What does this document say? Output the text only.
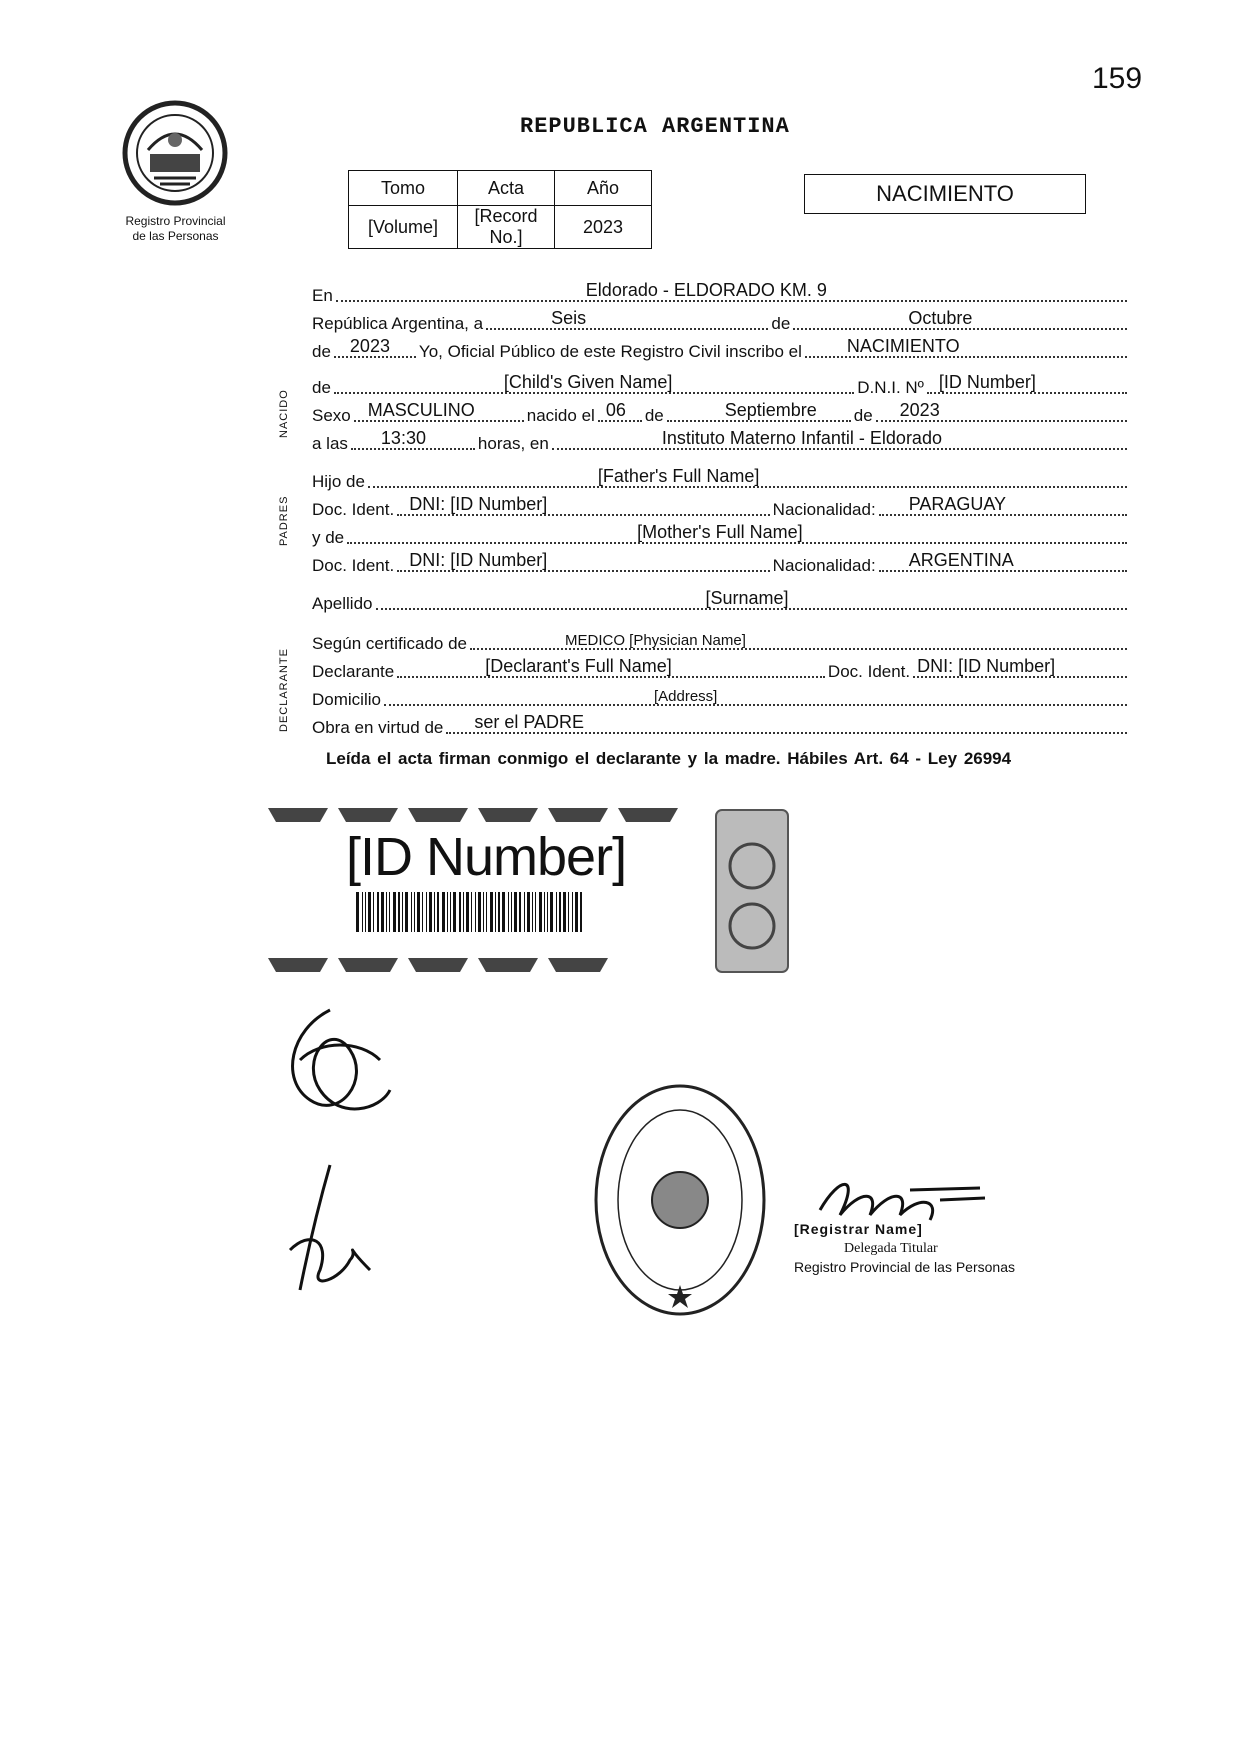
159
Registro Provincial
de las Personas
REPUBLICA ARGENTINA
Tomo	Acta	Año
[Volume]	[Record No.]	2023
NACIMIENTO
NACIDO
PADRES
DECLARANTE
En	Eldorado - ELDORADO KM. 9
República Argentina, a	Seis	de	Octubre
de 2023 Yo, Oficial Público de este Registro Civil inscribo el	NACIMIENTO
de	[Child's Given Name]	D.N.I. Nº [ID Number]
Sexo MASCULINO	nacido el 06 de	Septiembre de 2023
a las 13:30	horas, en	Instituto Materno Infantil - Eldorado
Hijo de	[Father's Full Name]
Doc. Ident. DNI: [ID Number]	Nacionalidad: PARAGUAY
y de	[Mother's Full Name]
Doc. Ident. DNI: [ID Number]	Nacionalidad: ARGENTINA
Apellido	[Surname]
Según certificado de	MEDICO [Physician Name]
Declarante	[Declarant's Full Name]	Doc. Ident. DNI: [ID Number]
Domicilio	[Address]
Obra en virtud de ser el PADRE
Leída el acta firman conmigo el declarante y la madre. Hábiles Art. 64 - Ley 26994
[ID Number]
[Registrar Name]
Delegada Titular
Registro Provincial de las Personas
